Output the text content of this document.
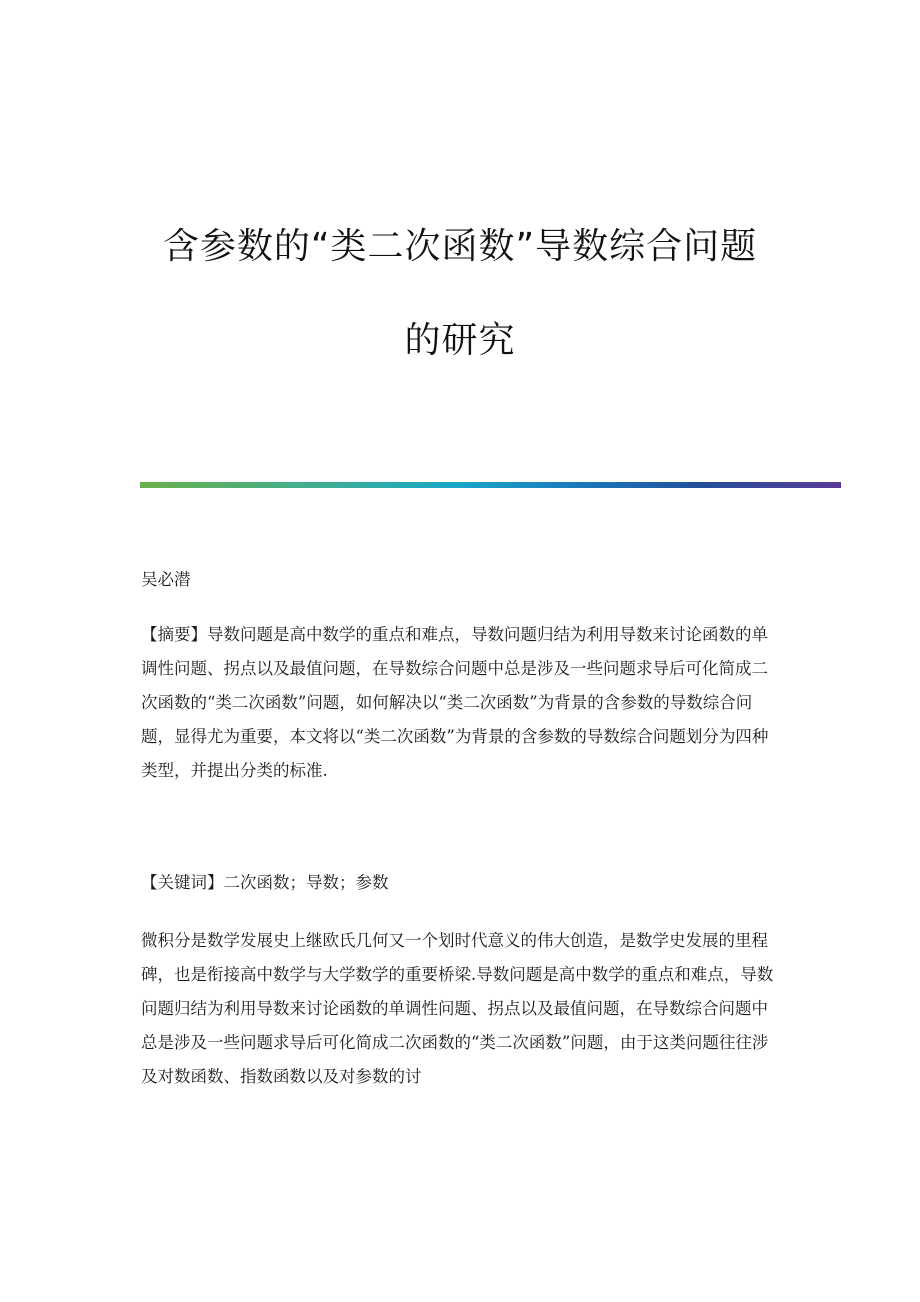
含参数的“类二次函数”导数综合问题
的研究
吴必潜

【摘要】导数问题是高中数学的重点和难点，导数问题归结为利用导数来讨论函数的单调性问题、拐点以及最值问题，在导数综合问题中总是涉及一些问题求导后可化简成二次函数的“类二次函数”问题，如何解决以“类二次函数”为背景的含参数的导数综合问题，显得尤为重要，本文将以“类二次函数”为背景的含参数的导数综合问题划分为四种类型，并提出分类的标准.

【关键词】二次函数；导数；参数

微积分是数学发展史上继欧氏几何又一个划时代意义的伟大创造，是数学史发展的里程碑，也是衔接高中数学与大学数学的重要桥梁.导数问题是高中数学的重点和难点，导数问题归结为利用导数来讨论函数的单调性问题、拐点以及最值问题，在导数综合问题中总是涉及一些问题求导后可化简成二次函数的“类二次函数”问题，由于这类问题往往涉及对数函数、指数函数以及对参数的讨
